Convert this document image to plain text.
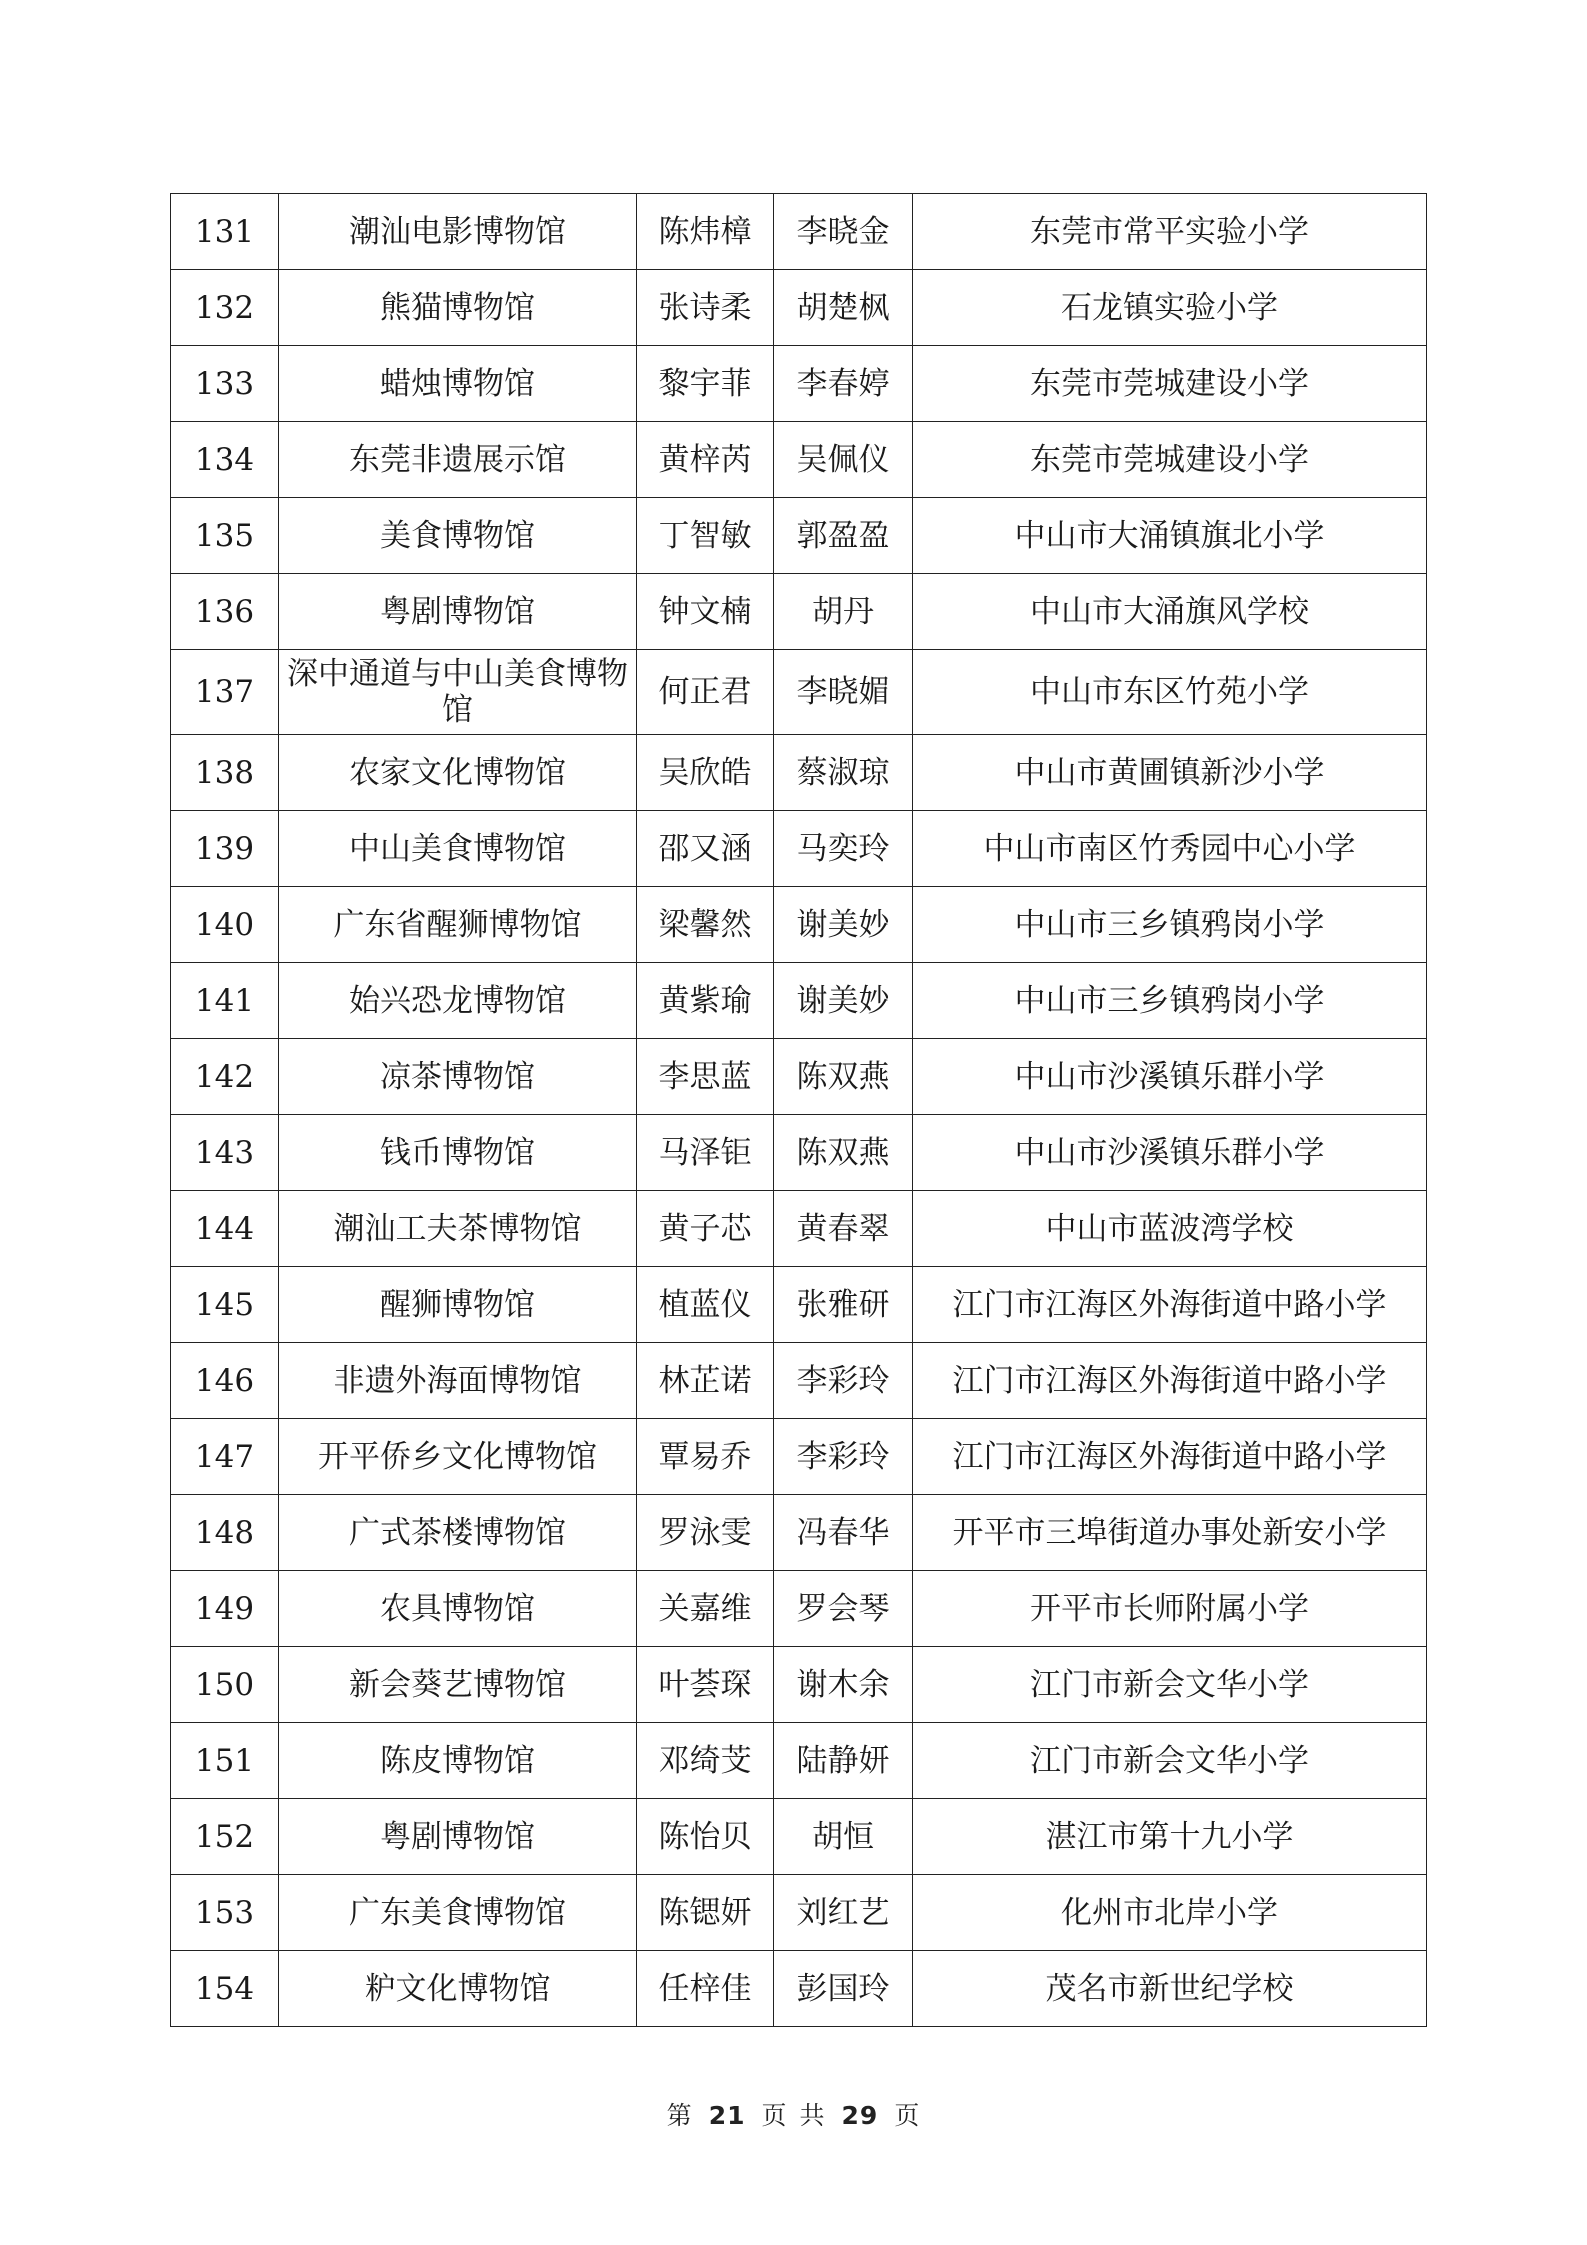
131	潮汕电影博物馆	陈炜樟	李晓金	东莞市常平实验小学
132	熊猫博物馆	张诗柔	胡楚枫	石龙镇实验小学
133	蜡烛博物馆	黎宇菲	李春婷	东莞市莞城建设小学
134	东莞非遗展示馆	黄梓芮	吴佩仪	东莞市莞城建设小学
135	美食博物馆	丁智敏	郭盈盈	中山市大涌镇旗北小学
136	粤剧博物馆	钟文楠	胡丹	中山市大涌旗风学校
137	深中通道与中山美食博物馆	何正君	李晓媚	中山市东区竹苑小学
138	农家文化博物馆	吴欣皓	蔡淑琼	中山市黄圃镇新沙小学
139	中山美食博物馆	邵又涵	马奕玲	中山市南区竹秀园中心小学
140	广东省醒狮博物馆	梁馨然	谢美妙	中山市三乡镇鸦岗小学
141	始兴恐龙博物馆	黄紫瑜	谢美妙	中山市三乡镇鸦岗小学
142	凉茶博物馆	李思蓝	陈双燕	中山市沙溪镇乐群小学
143	钱币博物馆	马泽钜	陈双燕	中山市沙溪镇乐群小学
144	潮汕工夫茶博物馆	黄子芯	黄春翠	中山市蓝波湾学校
145	醒狮博物馆	植蓝仪	张雅研	江门市江海区外海街道中路小学
146	非遗外海面博物馆	林芷诺	李彩玲	江门市江海区外海街道中路小学
147	开平侨乡文化博物馆	覃易乔	李彩玲	江门市江海区外海街道中路小学
148	广式茶楼博物馆	罗泳雯	冯春华	开平市三埠街道办事处新安小学
149	农具博物馆	关嘉维	罗会琴	开平市长师附属小学
150	新会葵艺博物馆	叶荟琛	谢木余	江门市新会文华小学
151	陈皮博物馆	邓绮芠	陆静妍	江门市新会文华小学
152	粤剧博物馆	陈怡贝	胡恒	湛江市第十九小学
153	广东美食博物馆	陈锶妍	刘红艺	化州市北岸小学
154	粐文化博物馆	任梓佳	彭国玲	茂名市新世纪学校
第 21 页 共 29 页
